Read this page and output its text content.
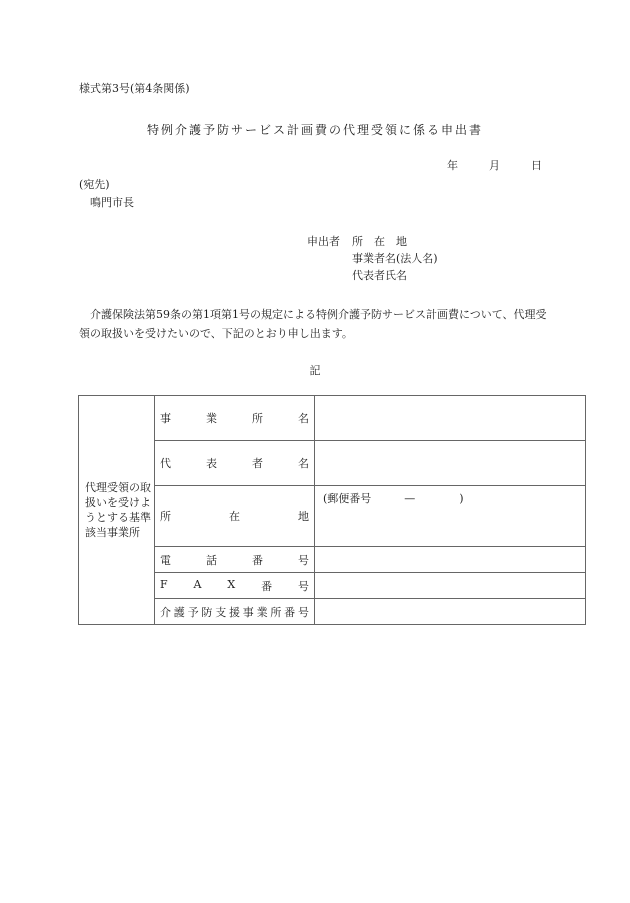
様式第3号(第4条関係)
特例介護予防サービス計画費の代理受領に係る申出書
年	月	日
(宛先)
鳴門市長
申出者 所　在　地
事業者名(法人名)
代表者氏名
介護保険法第59条の第1項第1号の規定による特例介護予防サービス計画費について、代理受領の取扱いを受けたいので、下記のとおり申し出ます。
記
代理受領の取扱いを受けようとする基準該当事業所	事 業 所 名	

	代 表 者 名	

	所 在 地	(郵便番号　　　—　　　　)

	電 話 番 号	

	F A X 番 号	

介 護 予 防 支 援 事 業 所 番 号
